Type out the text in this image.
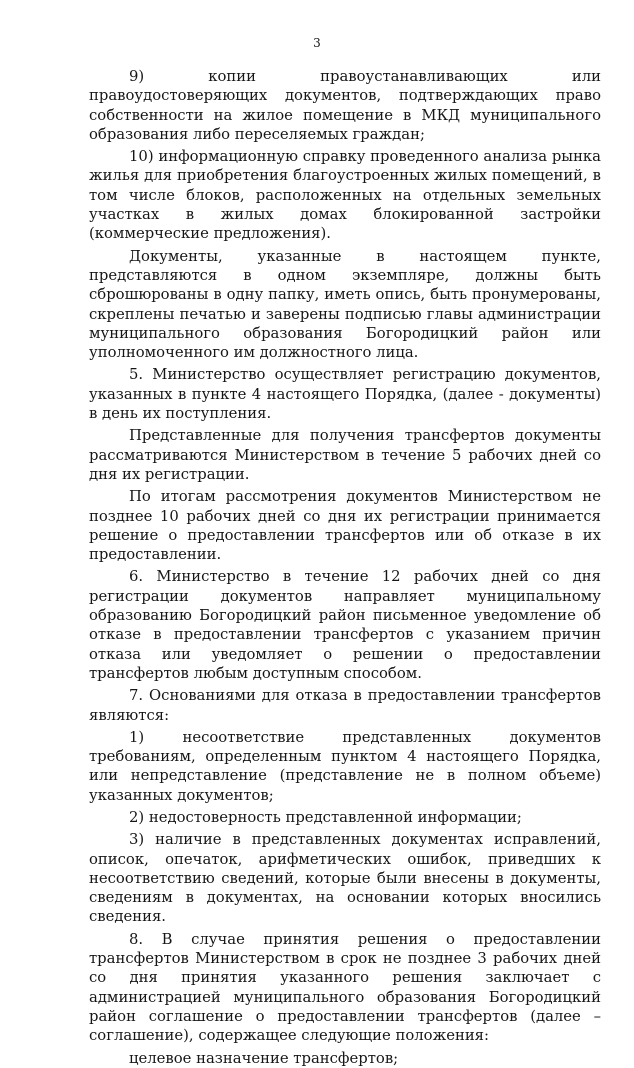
3

9) копии правоустанавливающих или правоудостоверяющих документов, подтверждающих право собственности на жилое помещение в МКД муниципального образования либо переселяемых граждан;

10) информационную справку проведенного анализа рынка жилья для приобретения благоустроенных жилых помещений, в том числе блоков, расположенных на отдельных земельных участках в жилых домах блокированной застройки (коммерческие предложения).

Документы, указанные в настоящем пункте, представляются в одном экземпляре, должны быть сброшюрованы в одну папку, иметь опись, быть пронумерованы, скреплены печатью и заверены подписью главы администрации муниципального образования Богородицкий район или уполномоченного им должностного лица.

5. Министерство осуществляет регистрацию документов, указанных в пункте 4 настоящего Порядка, (далее - документы) в день их поступления.

Представленные для получения трансфертов документы рассматриваются Министерством в течение 5 рабочих дней со дня их регистрации.

По итогам рассмотрения документов Министерством не позднее 10 рабочих дней со дня их регистрации принимается решение о предоставлении трансфертов или об отказе в их предоставлении.

6. Министерство в течение 12 рабочих дней со дня регистрации документов направляет муниципальному образованию Богородицкий район письменное уведомление об отказе в предоставлении трансфертов с указанием причин отказа или уведомляет о решении о предоставлении трансфертов любым доступным способом.

7. Основаниями для отказа в предоставлении трансфертов являются:

1) несоответствие представленных документов требованиям, определенным пунктом 4 настоящего Порядка, или непредставление (представление не в полном объеме) указанных документов;

2) недостоверность представленной информации;

3) наличие в представленных документах исправлений, описок, опечаток, арифметических ошибок, приведших к несоответствию сведений, которые были внесены в документы, сведениям в документах, на основании которых вносились сведения.

8. В случае принятия решения о предоставлении трансфертов Министерством в срок не позднее 3 рабочих дней со дня принятия указанного решения заключает с администрацией муниципального образования Богородицкий район соглашение о предоставлении трансфертов (далее – соглашение), содержащее следующие положения:

целевое назначение трансфертов;
